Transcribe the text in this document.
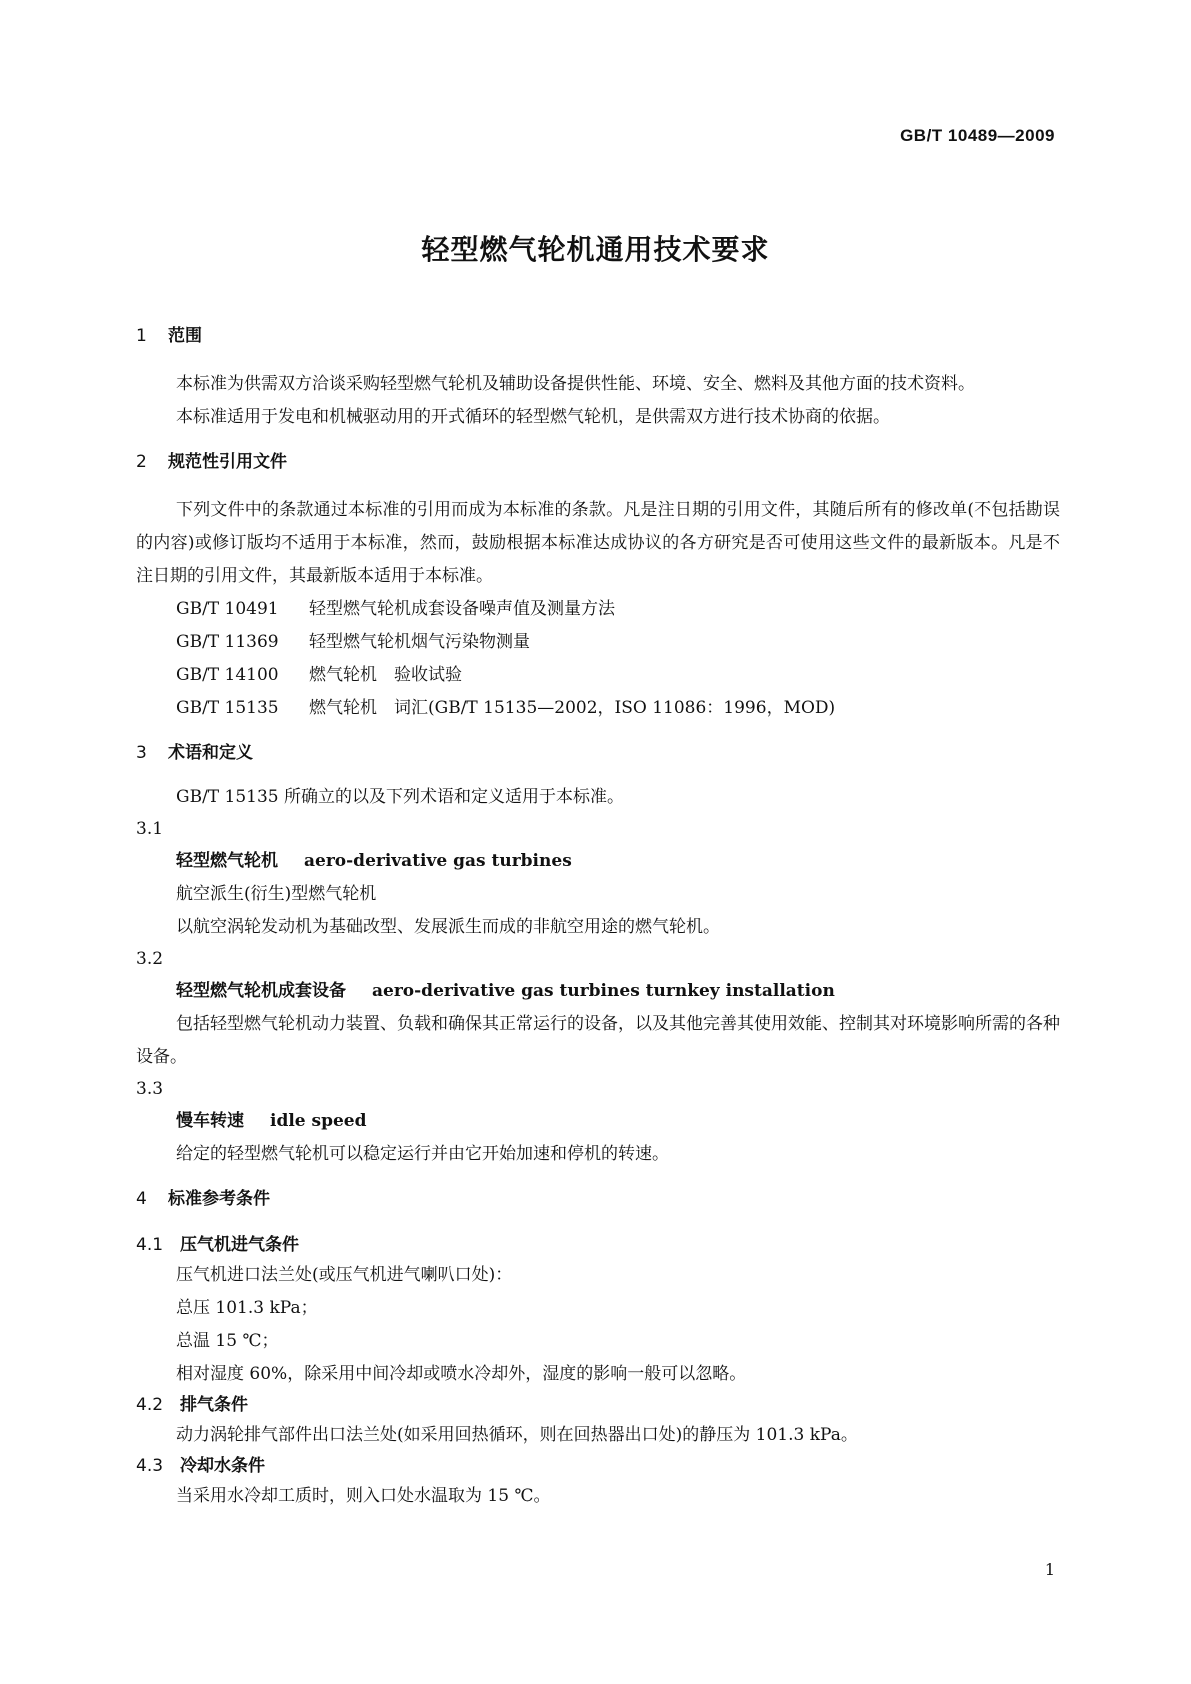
GB/T 10489—2009
轻型燃气轮机通用技术要求
1	范围

本标准为供需双方洽谈采购轻型燃气轮机及辅助设备提供性能、环境、安全、燃料及其他方面的技术资料。

本标准适用于发电和机械驱动用的开式循环的轻型燃气轮机，是供需双方进行技术协商的依据。

2	规范性引用文件

下列文件中的条款通过本标准的引用而成为本标准的条款。凡是注日期的引用文件，其随后所有的修改单(不包括勘误的内容)或修订版均不适用于本标准，然而，鼓励根据本标准达成协议的各方研究是否可使用这些文件的最新版本。凡是不注日期的引用文件，其最新版本适用于本标准。

GB/T 10491	轻型燃气轮机成套设备噪声值及测量方法
GB/T 11369	轻型燃气轮机烟气污染物测量
GB/T 14100	燃气轮机　验收试验
GB/T 15135	燃气轮机　词汇(GB/T 15135—2002，ISO 11086：1996，MOD)
3	术语和定义
GB/T 15135 所确立的以及下列术语和定义适用于本标准。
3.1
轻型燃气轮机 aero-derivative gas turbines
航空派生(衍生)型燃气轮机
以航空涡轮发动机为基础改型、发展派生而成的非航空用途的燃气轮机。
3.2
轻型燃气轮机成套设备 aero-derivative gas turbines turnkey installation
包括轻型燃气轮机动力装置、负载和确保其正常运行的设备，以及其他完善其使用效能、控制其对环境影响所需的各种设备。
3.3
慢车转速 idle speed
给定的轻型燃气轮机可以稳定运行并由它开始加速和停机的转速。
4	标准参考条件
4.1 压气机进气条件
压气机进口法兰处(或压气机进气喇叭口处)：
总压 101.3 kPa；
总温 15 ℃；
相对湿度 60%，除采用中间冷却或喷水冷却外，湿度的影响一般可以忽略。
4.2 排气条件
动力涡轮排气部件出口法兰处(如采用回热循环，则在回热器出口处)的静压为 101.3 kPa。
4.3 冷却水条件
当采用水冷却工质时，则入口处水温取为 15 ℃。
1
